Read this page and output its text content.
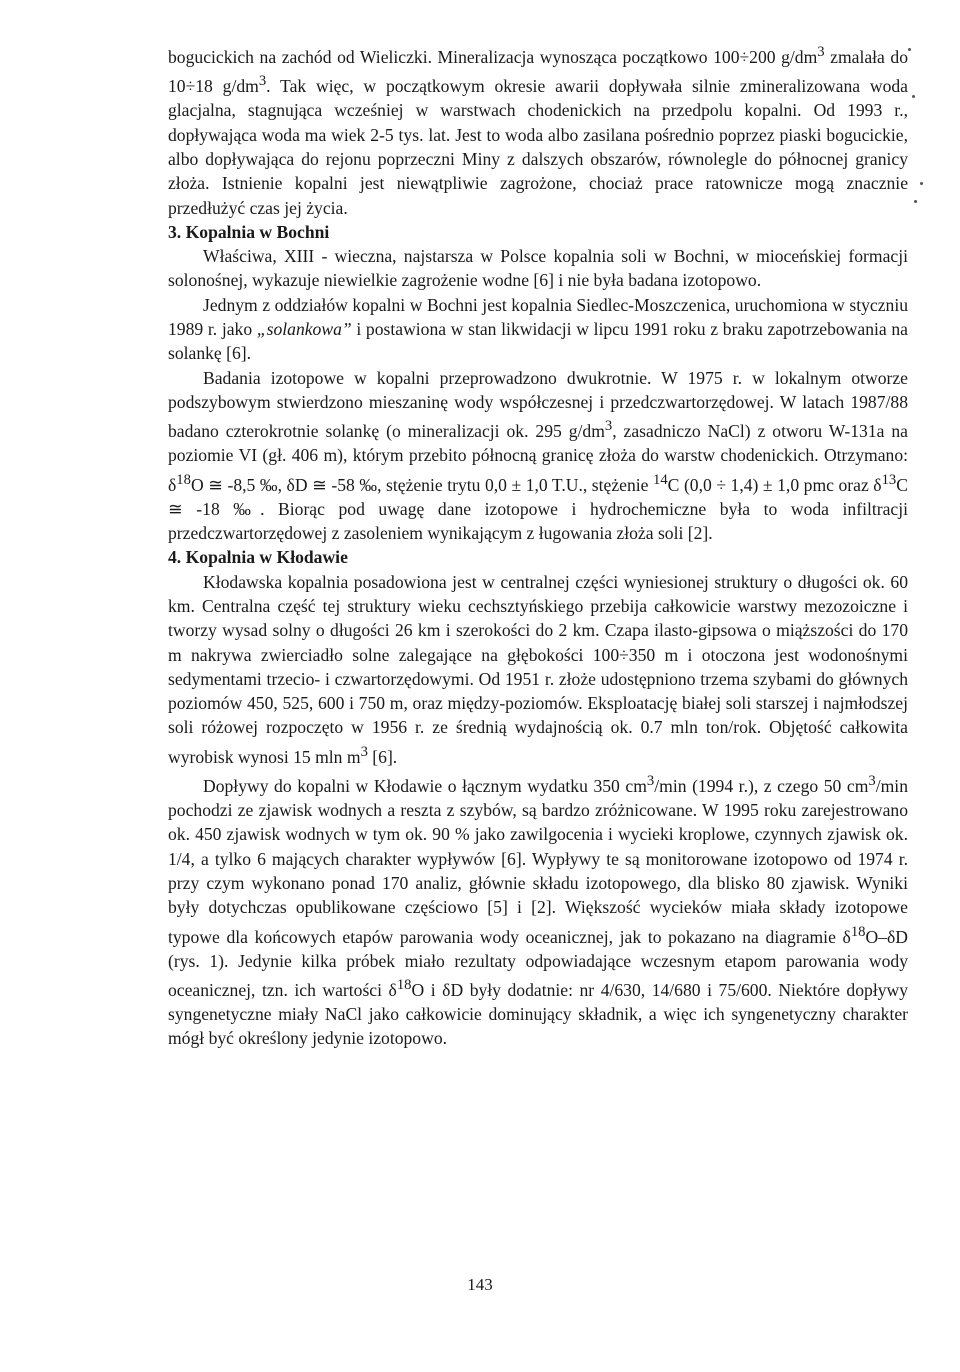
bogucickich na zachód od Wieliczki. Mineralizacja wynosząca początkowo 100÷200 $g/dm^3$ zmalała do 10÷18 $g/dm^3$. Tak więc, w początkowym okresie awarii dopływała silnie zmineralizowana woda glacjalna, stagnująca wcześniej w warstwach chodenickich na przedpolu kopalni. Od 1993 r., dopływająca woda ma wiek 2-5 tys. lat. Jest to woda albo zasilana pośrednio poprzez piaski bogucickie, albo dopływająca do rejonu poprzeczni Miny z dalszych obszarów, równolegle do północnej granicy złoża. Istnienie kopalni jest niewątpliwie zagrożone, chociaż prace ratownicze mogą znacznie przedłużyć czas jej życia.

3. Kopalnia w Bochni

Właściwa, XIII - wieczna, najstarsza w Polsce kopalnia soli w Bochni, w mioceńskiej formacji solonośnej, wykazuje niewielkie zagrożenie wodne [6] i nie była badana izotopowo.

Jednym z oddziałów kopalni w Bochni jest kopalnia Siedlec-Moszczenica, uruchomiona w styczniu 1989 r. jako „solankowa” i postawiona w stan likwidacji w lipcu 1991 roku z braku zapotrzebowania na solankę [6].

Badania izotopowe w kopalni przeprowadzono dwukrotnie. W 1975 r. w lokalnym otworze podszybowym stwierdzono mieszaninę wody współczesnej i przedczwartorzędowej. W latach 1987/88 badano czterokrotnie solankę (o mineralizacji ok. 295 $g/dm^3$, zasadniczo NaCl) z otworu W-131a na poziomie VI (gł. 406 m), którym przebito północną granicę złoża do warstw chodenickich. Otrzymano: $\delta^{18}O$ ≅ -8,5 ‰, δD ≅ -58 ‰, stężenie trytu 0,0 ± 1,0 T.U., stężenie $^{14}$C (0,0 ÷ 1,4) ± 1,0 pmc oraz $\delta^{13}C$ ≅ -18 ‰. Biorąc pod uwagę dane izotopowe i hydrochemiczne była to woda infiltracji przedczwartorzędowej z zasoleniem wynikającym z ługowania złoża soli [2].

4. Kopalnia w Kłodawie

Kłodawska kopalnia posadowiona jest w centralnej części wyniesionej struktury o długości ok. 60 km. Centralna część tej struktury wieku cechsztyńskiego przebija całkowicie warstwy mezozoiczne i tworzy wysad solny o długości 26 km i szerokości do 2 km. Czapa ilasto-gipsowa o miąższości do 170 m nakrywa zwierciadło solne zalegające na głębokości 100÷350 m i otoczona jest wodonośnymi sedymentami trzecio- i czwartorzędowymi. Od 1951 r. złoże udostępniono trzema szybami do głównych poziomów 450, 525, 600 i 750 m, oraz między-poziomów. Eksploatację białej soli starszej i najmłodszej soli różowej rozpoczęto w 1956 r. ze średnią wydajnością ok. 0.7 mln ton/rok. Objętość całkowita wyrobisk wynosi 15 mln $m^3$ [6].

Dopływy do kopalni w Kłodawie o łącznym wydatku 350 $cm^3/\min$ (1994 r.), z czego 50 $cm^3/\min$ pochodzi ze zjawisk wodnych a reszta z szybów, są bardzo zróżnicowane. W 1995 roku zarejestrowano ok. 450 zjawisk wodnych w tym ok. 90 % jako zawilgocenia i wycieki kroplowe, czynnych zjawisk ok. 1/4, a tylko 6 mających charakter wypływów [6]. Wypływy te są monitorowane izotopowo od 1974 r. przy czym wykonano ponad 170 analiz, głównie składu izotopowego, dla blisko 80 zjawisk. Wyniki były dotychczas opublikowane częściowo [5] i [2]. Większość wycieków miała składy izotopowe typowe dla końcowych etapów parowania wody oceanicznej, jak to pokazano na diagramie $\delta^{18}O-\delta D$ (rys. 1). Jedynie kilka próbek miało rezultaty odpowiadające wczesnym etapom parowania wody oceanicznej, tzn. ich wartości $\delta^{18}O$ i δD były dodatnie: nr 4/630, 14/680 i 75/600. Niektóre dopływy syngenetyczne miały NaCl jako całkowicie dominujący składnik, a więc ich syngenetyczny charakter mógł być określony jedynie izotopowo.

143
